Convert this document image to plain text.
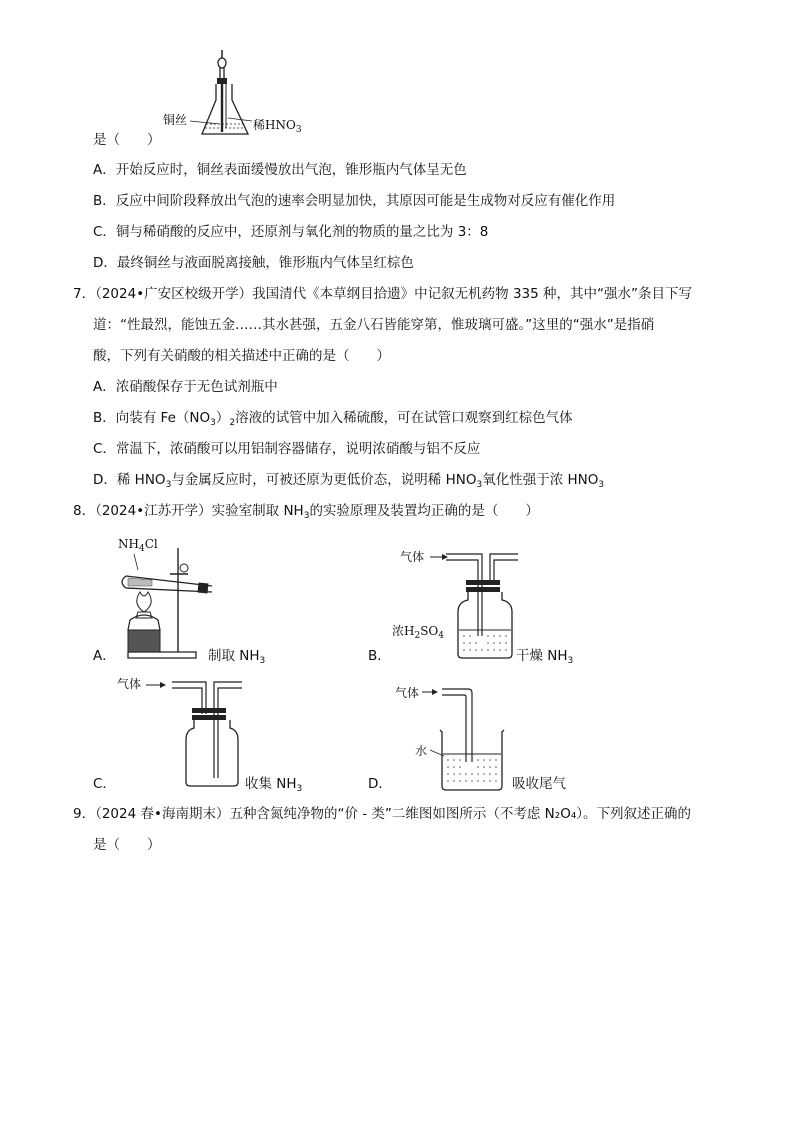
铜丝	稀$HNO_3$
是（　　）
A．开始反应时，铜丝表面缓慢放出气泡，锥形瓶内气体呈无色
B．反应中间阶段释放出气泡的速率会明显加快，其原因可能是生成物对反应有催化作用
C．铜与稀硝酸的反应中，还原剂与氧化剂的物质的量之比为 3：8
D．最终铜丝与液面脱离接触，锥形瓶内气体呈红棕色
7．（2024•广安区校级开学）我国清代《本草纲目拾遗》中记叙无机药物 335 种，其中“强水”条目下写
道：“性最烈，能蚀五金……其水甚强，五金八石皆能穿第，惟玻璃可盛。”这里的“强水”是指硝
酸，下列有关硝酸的相关描述中正确的是（　　）
A．浓硝酸保存于无色试剂瓶中
B．向装有 $Fe(NO_3)_2$溶液的试管中加入稀硫酸，可在试管口观察到红棕色气体
C．常温下，浓硝酸可以用铝制容器储存，说明浓硝酸与铝不反应
D．稀 $HNO_3$与金属反应时，可被还原为更低价态，说明稀 $HNO_3$氧化性强于浓 $HNO_3$
8．（2024•江苏开学）实验室制取 $NH_3$的实验原理及装置均正确的是（　　）
$NH_4Cl$
A．	制取 $NH_3$
气体
浓$H_2SO_4$
B．	干燥 $NH_3$
气体
C．	收集 $NH_3$
气体
水
D．	吸收尾气
9．（2024 春•海南期末）五种含氮纯净物的“价 - 类”二维图如图所示（不考虑 N₂O₄）。下列叙述正确的
是（　　）
